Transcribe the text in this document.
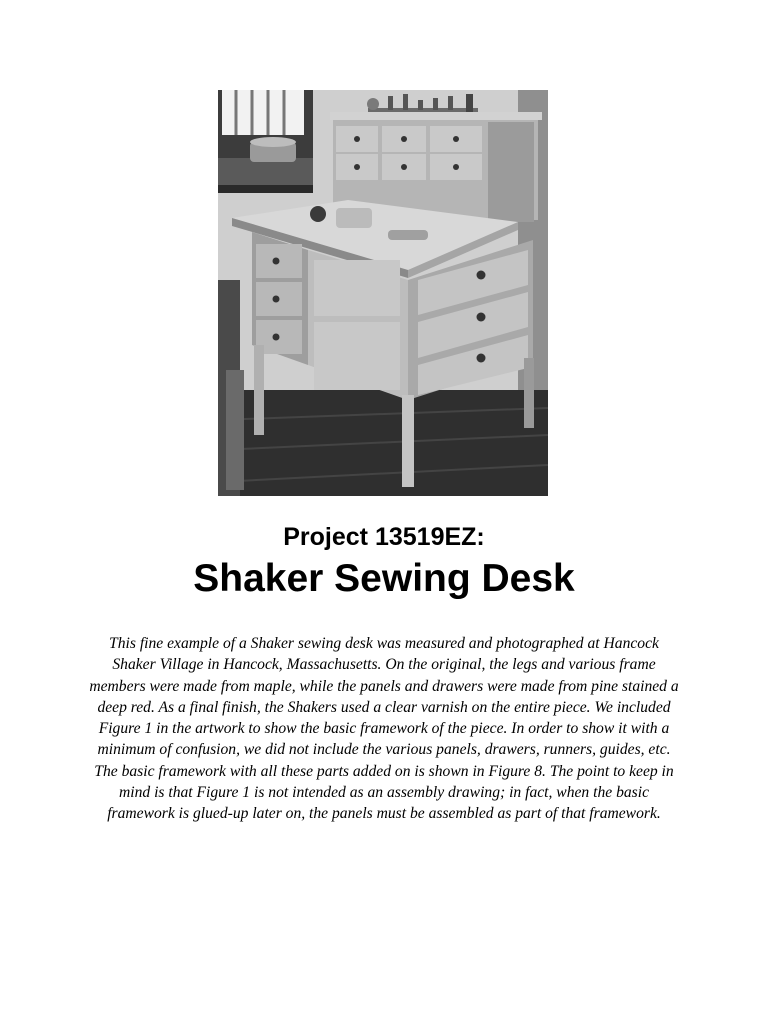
Project 13519EZ:
Shaker Sewing Desk
This fine example of a Shaker sewing desk was measured and photographed at Hancock Shaker Village in Hancock, Massachusetts. On the original, the legs and various frame members were made from maple, while the panels and drawers were made from pine stained a deep red. As a final finish, the Shakers used a clear varnish on the entire piece. We included Figure 1 in the artwork to show the basic framework of the piece. In order to show it with a minimum of confusion, we did not include the various panels, drawers, runners, guides, etc. The basic framework with all these parts added on is shown in Figure 8. The point to keep in mind is that Figure 1 is not intended as an assembly drawing; in fact, when the basic framework is glued-up later on, the panels must be assembled as part of that framework.
